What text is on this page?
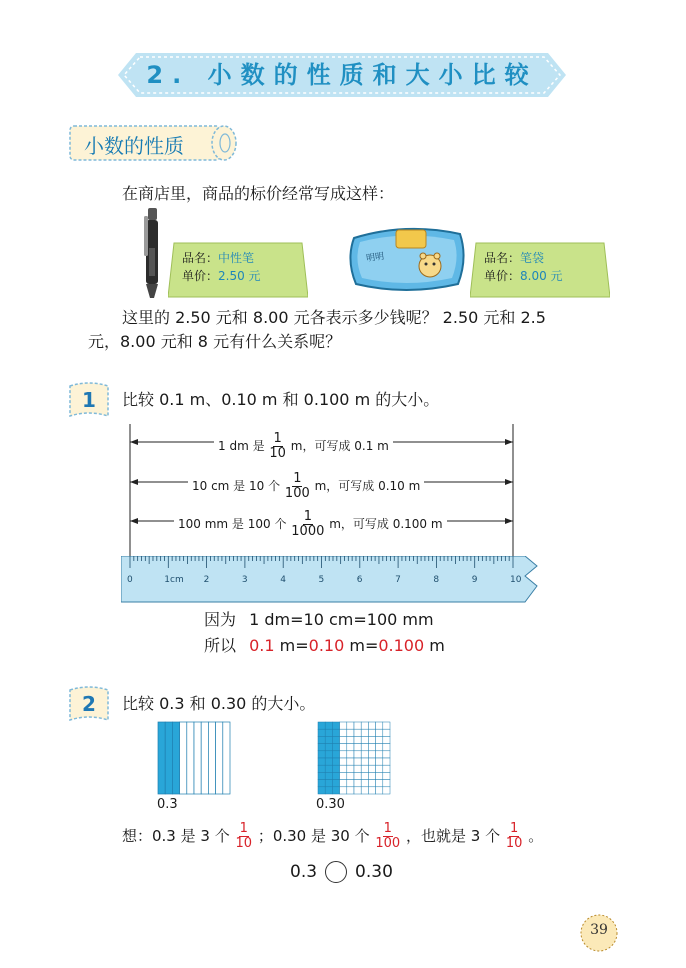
2. 小数的性质和大小比较
小数的性质
在商店里，商品的标价经常写成这样：
品名：中性笔
单价：2.50 元
明明	品名：笔袋
单价：8.00 元
这里的 2.50 元和 8.00 元各表示多少钱呢？ 2.50 元和 2.5
元，8.00 元和 8 元有什么关系呢？
1	比较 0.1 m、0.10 m 和 0.100 m 的大小。
1 dm 是 $\frac{1}{10}$ m，可写成 0.1 m
10 cm 是 10 个 $\frac{1}{100}$ m，可写成 0.10 m
100 mm 是 100 个 $\frac{1}{1000}$ m，可写成 0.100 m
0	1cm 2	3	4	5	6	7	8	9	10
因为 1 dm=10 cm=100 mm
所以 0.1 m=0.10 m=0.100 m
2	比较 0.3 和 0.30 的大小。
0.3	0.30
想：0.3 是 3 个 $\frac{1}{10}$ ；0.30 是 30 个 $\frac{1}{100}$ ，也就是 3 个 $\frac{1}{10}$ 。
0.3 0.30
39
